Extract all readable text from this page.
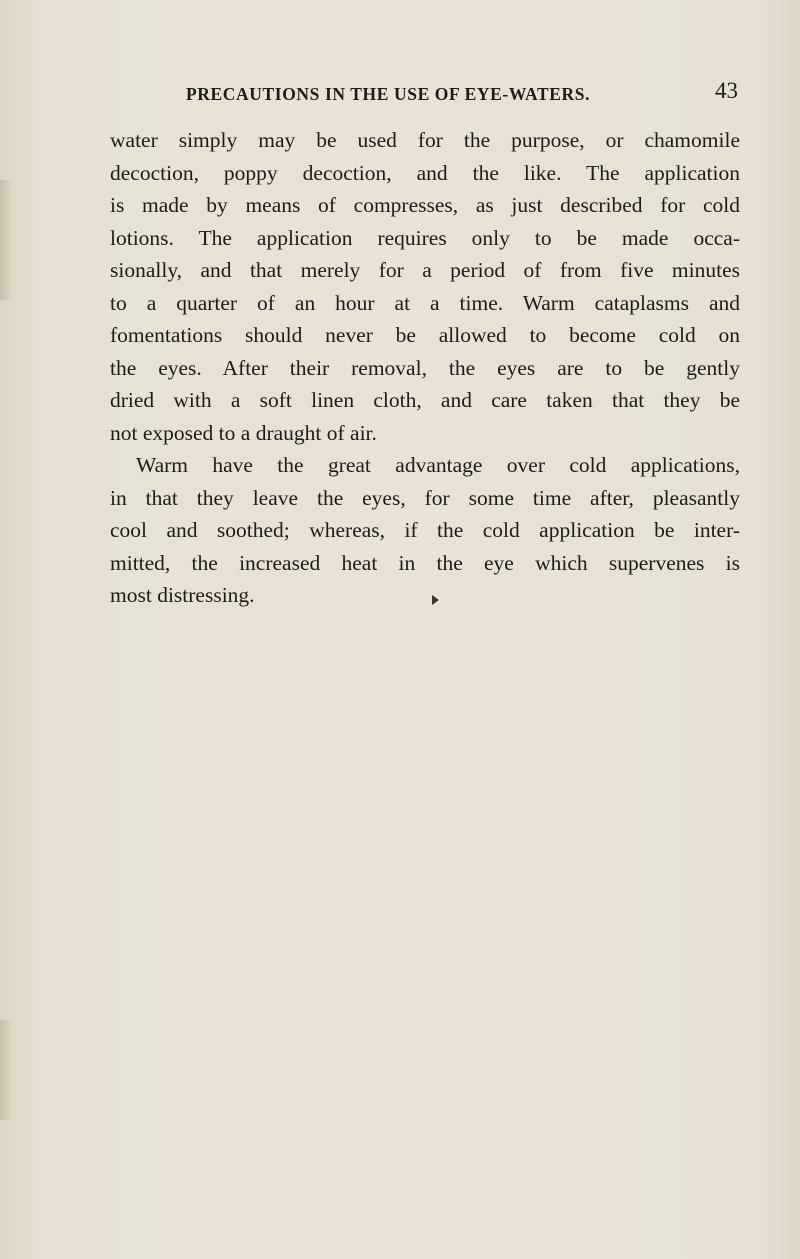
PRECAUTIONS IN THE USE OF EYE-WATERS.	43
water simply may be used for the purpose, or chamomile
decoction, poppy decoction, and the like. The application
is made by means of compresses, as just described for cold
lotions. The application requires only to be made occa-
sionally, and that merely for a period of from five minutes
to a quarter of an hour at a time. Warm cataplasms and
fomentations should never be allowed to become cold on
the eyes. After their removal, the eyes are to be gently
dried with a soft linen cloth, and care taken that they be
not exposed to a draught of air.
Warm have the great advantage over cold applications,
in that they leave the eyes, for some time after, pleasantly
cool and soothed; whereas, if the cold application be inter-
mitted, the increased heat in the eye which supervenes is
most distressing.
